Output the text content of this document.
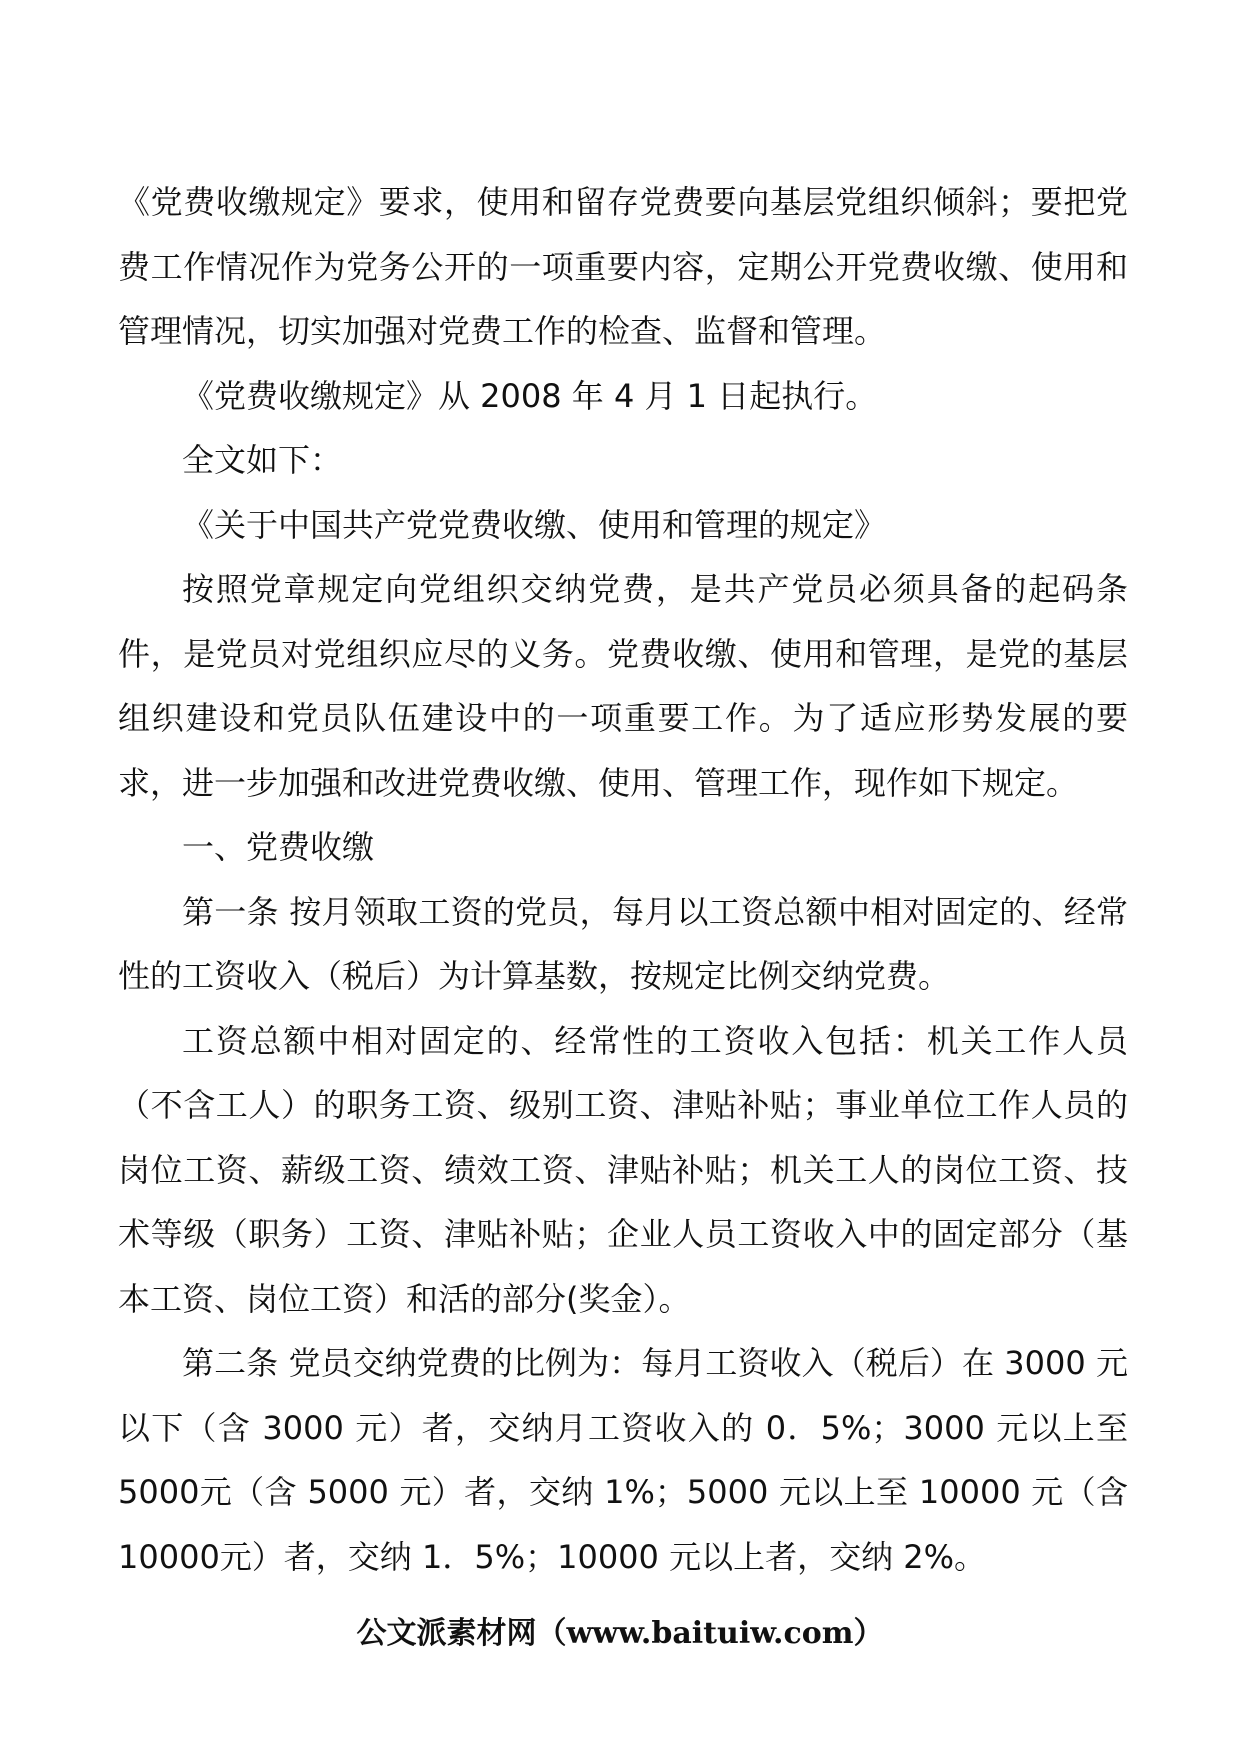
《党费收缴规定》要求，使用和留存党费要向基层党组织倾斜；要把党费工作情况作为党务公开的一项重要内容，定期公开党费收缴、使用和管理情况，切实加强对党费工作的检查、监督和管理。

《党费收缴规定》从 2008 年 4 月 1 日起执行。

全文如下：

《关于中国共产党党费收缴、使用和管理的规定》

按照党章规定向党组织交纳党费，是共产党员必须具备的起码条件，是党员对党组织应尽的义务。党费收缴、使用和管理，是党的基层组织建设和党员队伍建设中的一项重要工作。为了适应形势发展的要求，进一步加强和改进党费收缴、使用、管理工作，现作如下规定。

一、党费收缴

第一条 按月领取工资的党员，每月以工资总额中相对固定的、经常性的工资收入（税后）为计算基数，按规定比例交纳党费。

工资总额中相对固定的、经常性的工资收入包括：机关工作人员（不含工人）的职务工资、级别工资、津贴补贴；事业单位工作人员的岗位工资、薪级工资、绩效工资、津贴补贴；机关工人的岗位工资、技术等级（职务）工资、津贴补贴；企业人员工资收入中的固定部分（基本工资、岗位工资）和活的部分(奖金）。

第二条 党员交纳党费的比例为：每月工资收入（税后）在 3000 元以下（含 3000 元）者，交纳月工资收入的 0．5%；3000 元以上至 5000元（含 5000 元）者，交纳 1%；5000 元以上至 10000 元（含 10000元）者，交纳 1．5%；10000 元以上者，交纳 2%。

公文派素材网（www.baituiw.com）
